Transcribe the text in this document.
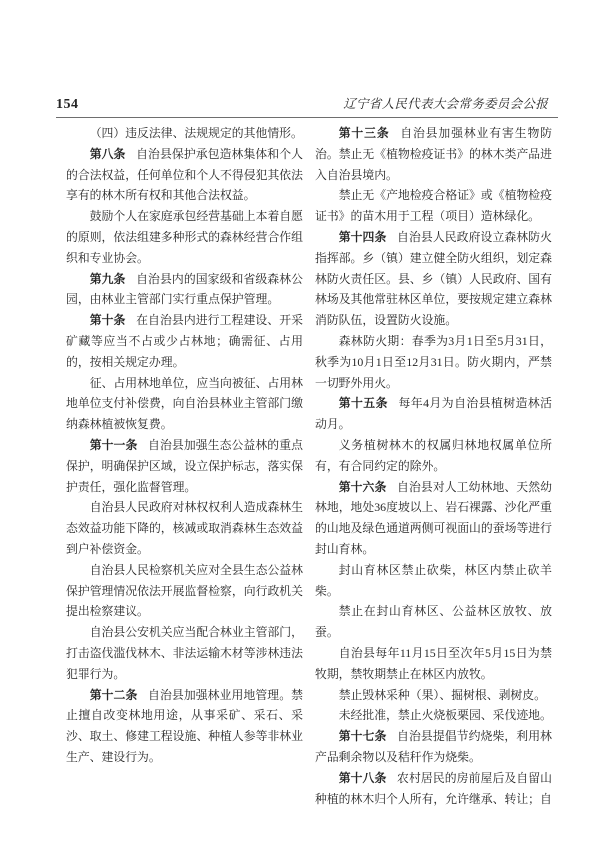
154	辽宁省人民代表大会常务委员会公报

（四）违反法律、法规规定的其他情形。

第八条 自治县保护承包造林集体和个人的合法权益，任何单位和个人不得侵犯其依法享有的林木所有权和其他合法权益。

鼓励个人在家庭承包经营基础上本着自愿的原则，依法组建多种形式的森林经营合作组织和专业协会。

第九条 自治县内的国家级和省级森林公园，由林业主管部门实行重点保护管理。

第十条 在自治县内进行工程建设、开采矿藏等应当不占或少占林地；确需征、占用的，按相关规定办理。

征、占用林地单位，应当向被征、占用林地单位支付补偿费，向自治县林业主管部门缴纳森林植被恢复费。

第十一条 自治县加强生态公益林的重点保护，明确保护区域，设立保护标志，落实保护责任，强化监督管理。

自治县人民政府对林权权利人造成森林生态效益功能下降的，核减或取消森林生态效益到户补偿资金。

自治县人民检察机关应对全县生态公益林保护管理情况依法开展监督检察，向行政机关提出检察建议。

自治县公安机关应当配合林业主管部门，打击盗伐滥伐林木、非法运输木材等涉林违法犯罪行为。

第十二条 自治县加强林业用地管理。禁止擅自改变林地用途，从事采矿、采石、采沙、取土、修建工程设施、种植人参等非林业生产、建设行为。

第十三条 自治县加强林业有害生物防治。禁止无《植物检疫证书》的林木类产品进入自治县境内。

禁止无《产地检疫合格证》或《植物检疫证书》的苗木用于工程（项目）造林绿化。

第十四条 自治县人民政府设立森林防火指挥部。乡（镇）建立健全防火组织，划定森林防火责任区。县、乡（镇）人民政府、国有林场及其他常驻林区单位，要按规定建立森林消防队伍，设置防火设施。

森林防火期：春季为3月1日至5月31日，秋季为10月1日至12月31日。防火期内，严禁一切野外用火。

第十五条 每年4月为自治县植树造林活动月。

义务植树林木的权属归林地权属单位所有，有合同约定的除外。

第十六条 自治县对人工幼林地、天然幼林地，地处36度坡以上、岩石裸露、沙化严重的山地及绿色通道两侧可视面山的蚕场等进行封山育林。

封山育林区禁止砍柴，林区内禁止砍羊柴。

禁止在封山育林区、公益林区放牧、放蚕。

自治县每年11月15日至次年5月15日为禁牧期，禁牧期禁止在林区内放牧。

禁止毁林采种（果）、掘树根、剥树皮。

未经批准，禁止火烧板栗园、采伐迹地。

第十七条 自治县提倡节约烧柴，利用林产品剩余物以及秸秆作为烧柴。

第十八条 农村居民的房前屋后及自留山种植的林木归个人所有，允许继承、转让；自
